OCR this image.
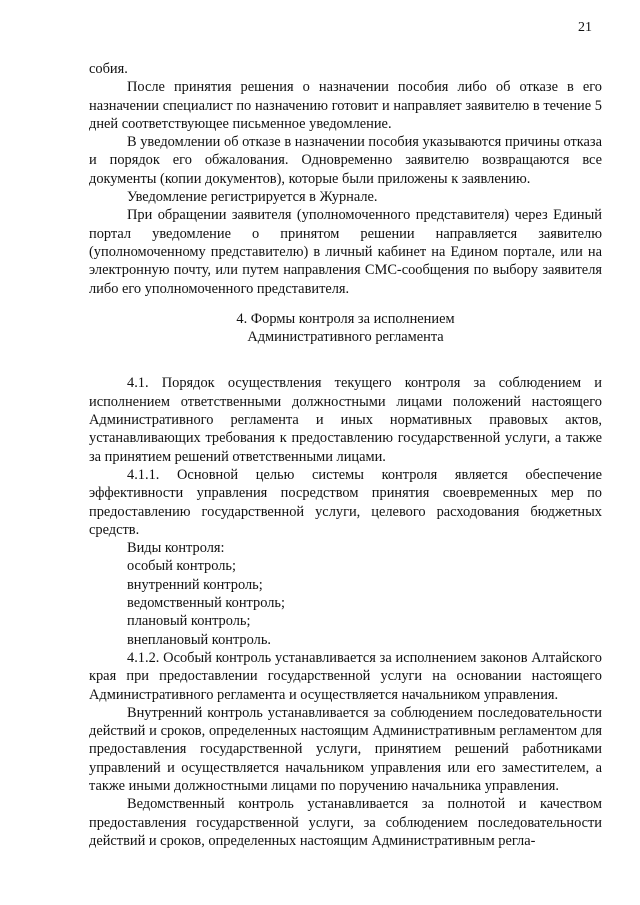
21

собия.

После принятия решения о назначении пособия либо об отказе в его назначении специалист по назначению готовит и направляет заявителю в течение 5 дней соответствующее письменное уведомление.

В уведомлении об отказе в назначении пособия указываются причины отказа и порядок его обжалования. Одновременно заявителю возвращаются все документы (копии документов), которые были приложены к заявлению.

Уведомление регистрируется в Журнале.

При обращении заявителя (уполномоченного представителя) через Единый портал уведомление о принятом решении направляется заявителю (уполномоченному представителю) в личный кабинет на Едином портале, или на электронную почту, или путем направления СМС-сообщения по выбору заявителя либо его уполномоченного представителя.

4. Формы контроля за исполнением
Административного регламента

4.1. Порядок осуществления текущего контроля за соблюдением и исполнением ответственными должностными лицами положений настоящего Административного регламента и иных нормативных правовых актов, устанавливающих требования к предоставлению государственной услуги, а также за принятием решений ответственными лицами.

4.1.1. Основной целью системы контроля является обеспечение эффективности управления посредством принятия своевременных мер по предоставлению государственной услуги, целевого расходования бюджетных средств.

Виды контроля:

особый контроль;

внутренний контроль;

ведомственный контроль;

плановый контроль;

внеплановый контроль.

4.1.2. Особый контроль устанавливается за исполнением законов Алтайского края при предоставлении государственной услуги на основании настоящего Административного регламента и осуществляется начальником управления.

Внутренний контроль устанавливается за соблюдением последовательности действий и сроков, определенных настоящим Административным регламентом для предоставления государственной услуги, принятием решений работниками управлений и осуществляется начальником управления или его заместителем, а также иными должностными лицами по поручению начальника управления.

Ведомственный контроль устанавливается за полнотой и качеством предоставления государственной услуги, за соблюдением последовательности действий и сроков, определенных настоящим Административным регла-
